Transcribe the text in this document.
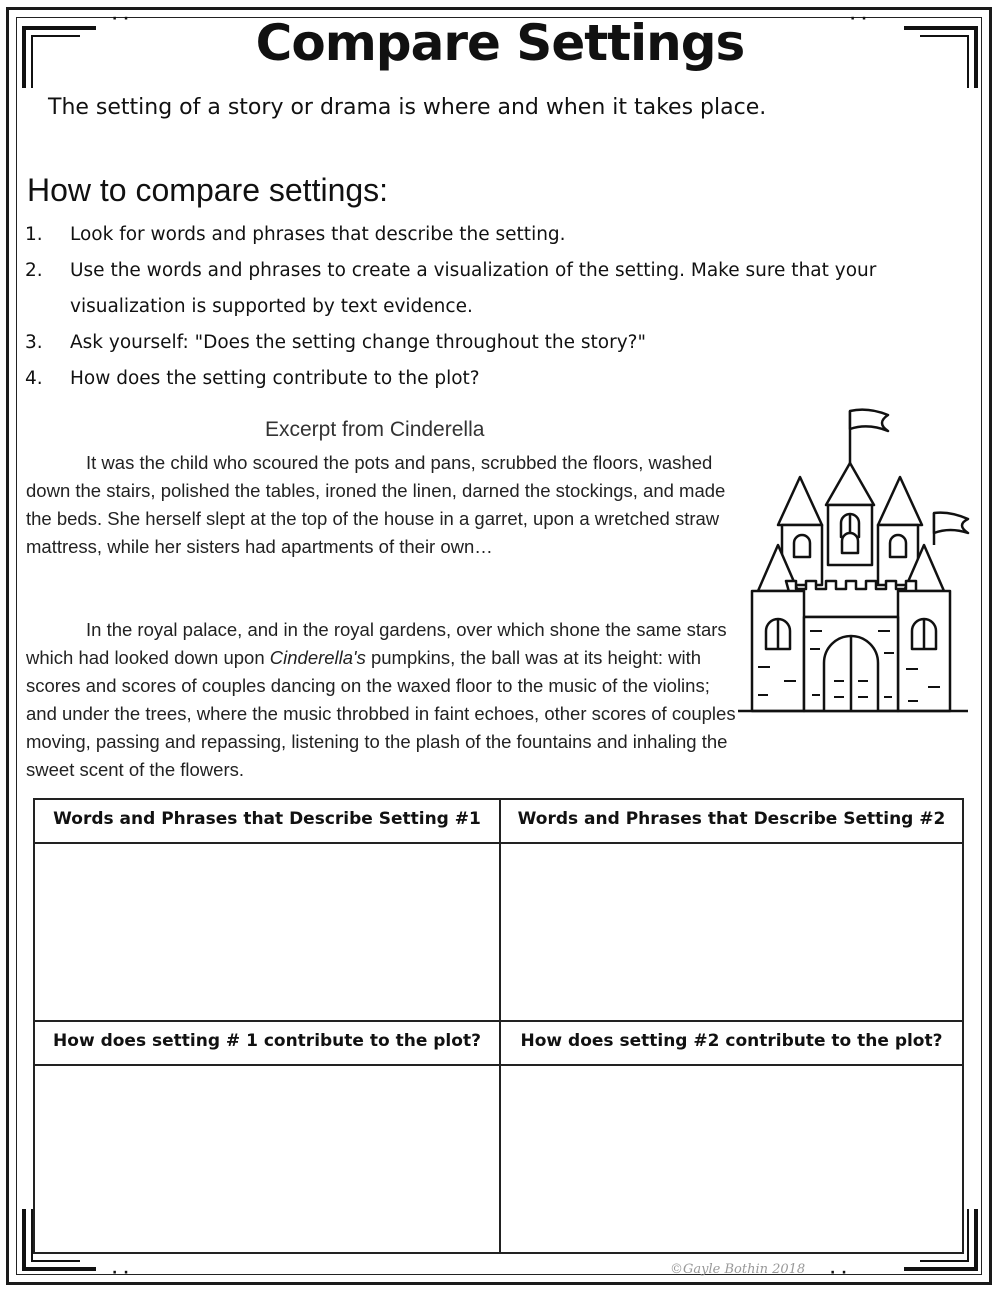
··	··
··	··
Compare Settings
The setting of a story or drama is where and when it takes place.
How to compare settings:
1.	Look for words and phrases that describe the setting.
2.	Use the words and phrases to create a visualization of the setting. Make sure that your visualization is supported by text evidence.
3.	Ask yourself: "Does the setting change throughout the story?"
4.	How does the setting contribute to the plot?
Excerpt from Cinderella
It was the child who scoured the pots and pans, scrubbed the floors, washed down the stairs, polished the tables, ironed the linen, darned the stockings, and made the beds. She herself slept at the top of the house in a garret, upon a wretched straw mattress, while her sisters had apartments of their own…
In the royal palace, and in the royal gardens, over which shone the same stars which had looked down upon Cinderella's pumpkins, the ball was at its height: with scores and scores of couples dancing on the waxed floor to the music of the violins; and under the trees, where the music throbbed in faint echoes, other scores of couples moving, passing and repassing, listening to the plash of the fountains and inhaling the sweet scent of the flowers.
Words and Phrases that Describe Setting #1	Words and Phrases that Describe Setting #2
How does setting # 1 contribute to the plot?	How does setting #2 contribute to the plot?
©Gayle Bothin 2018
